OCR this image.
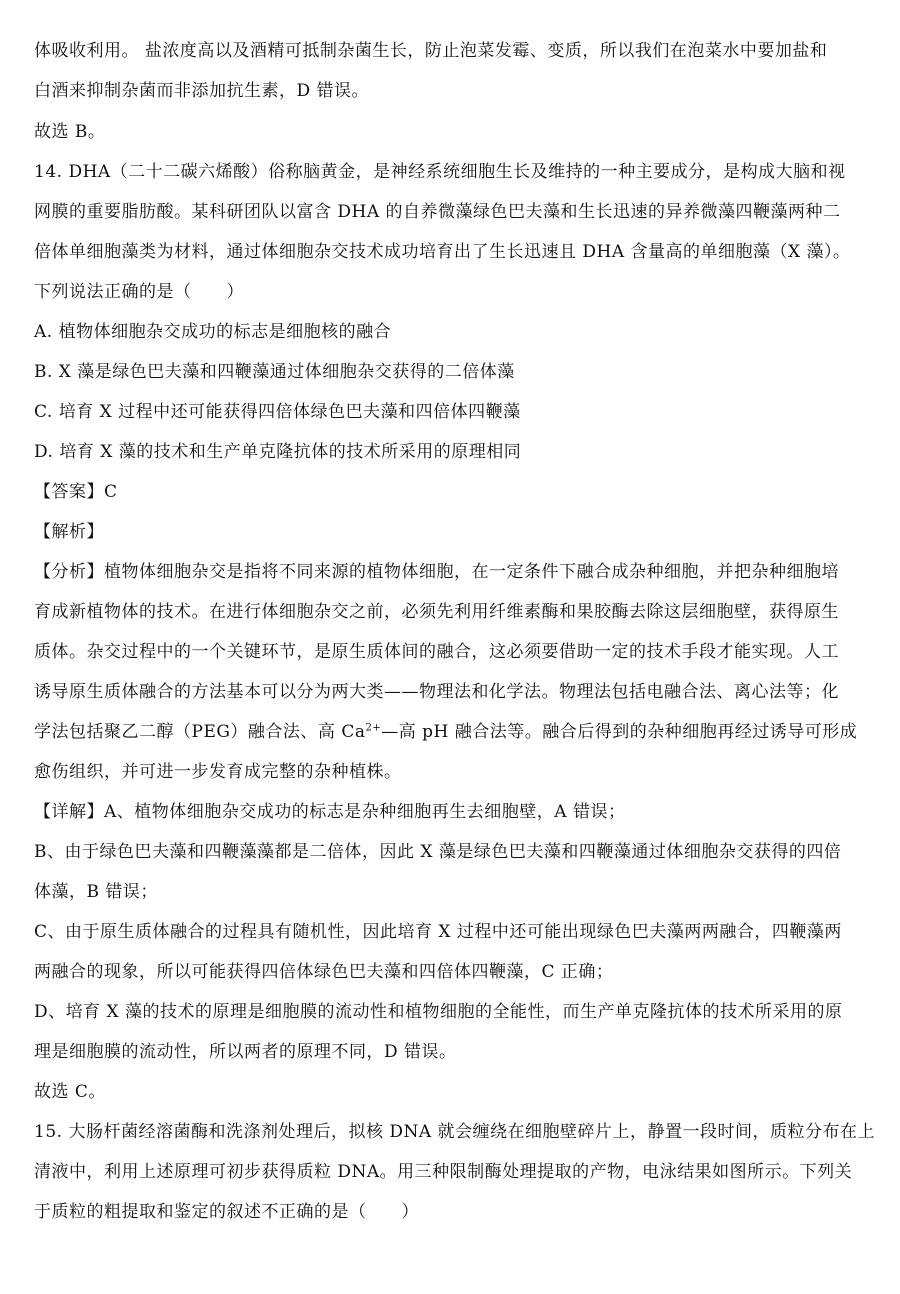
体吸收利用。 盐浓度高以及酒精可抵制杂菌生长，防止泡菜发霉、变质，所以我们在泡菜水中要加盐和
白酒来抑制杂菌而非添加抗生素，D 错误。
故选 B。
14. DHA（二十二碳六烯酸）俗称脑黄金，是神经系统细胞生长及维持的一种主要成分，是构成大脑和视
网膜的重要脂肪酸。某科研团队以富含 DHA 的自养微藻绿色巴夫藻和生长迅速的异养微藻四鞭藻两种二
倍体单细胞藻类为材料，通过体细胞杂交技术成功培育出了生长迅速且 DHA 含量高的单细胞藻（X 藻）。
下列说法正确的是（　　）
A. 植物体细胞杂交成功的标志是细胞核的融合
B. X 藻是绿色巴夫藻和四鞭藻通过体细胞杂交获得的二倍体藻
C. 培育 X 过程中还可能获得四倍体绿色巴夫藻和四倍体四鞭藻
D. 培育 X 藻的技术和生产单克隆抗体的技术所采用的原理相同
【答案】C
【解析】
【分析】植物体细胞杂交是指将不同来源的植物体细胞，在一定条件下融合成杂种细胞，并把杂种细胞培
育成新植物体的技术。在进行体细胞杂交之前，必须先利用纤维素酶和果胶酶去除这层细胞壁，获得原生
质体。杂交过程中的一个关键环节，是原生质体间的融合，这必须要借助一定的技术手段才能实现。人工
诱导原生质体融合的方法基本可以分为两大类——物理法和化学法。物理法包括电融合法、离心法等；化
学法包括聚乙二醇（PEG）融合法、高 $Ca^{2+}—$高 pH 融合法等。融合后得到的杂种细胞再经过诱导可形成
愈伤组织，并可进一步发育成完整的杂种植株。
【详解】A、植物体细胞杂交成功的标志是杂种细胞再生去细胞壁，A 错误；
B、由于绿色巴夫藻和四鞭藻藻都是二倍体，因此 X 藻是绿色巴夫藻和四鞭藻通过体细胞杂交获得的四倍
体藻，B 错误；
C、由于原生质体融合的过程具有随机性，因此培育 X 过程中还可能出现绿色巴夫藻两两融合，四鞭藻两
两融合的现象，所以可能获得四倍体绿色巴夫藻和四倍体四鞭藻，C 正确；
D、培育 X 藻的技术的原理是细胞膜的流动性和植物细胞的全能性，而生产单克隆抗体的技术所采用的原
理是细胞膜的流动性，所以两者的原理不同，D 错误。
故选 C。
15. 大肠杆菌经溶菌酶和洗涤剂处理后，拟核 DNA 就会缠绕在细胞壁碎片上，静置一段时间，质粒分布在上
清液中，利用上述原理可初步获得质粒 DNA。用三种限制酶处理提取的产物，电泳结果如图所示。下列关
于质粒的粗提取和鉴定的叙述不正确的是（　　）
